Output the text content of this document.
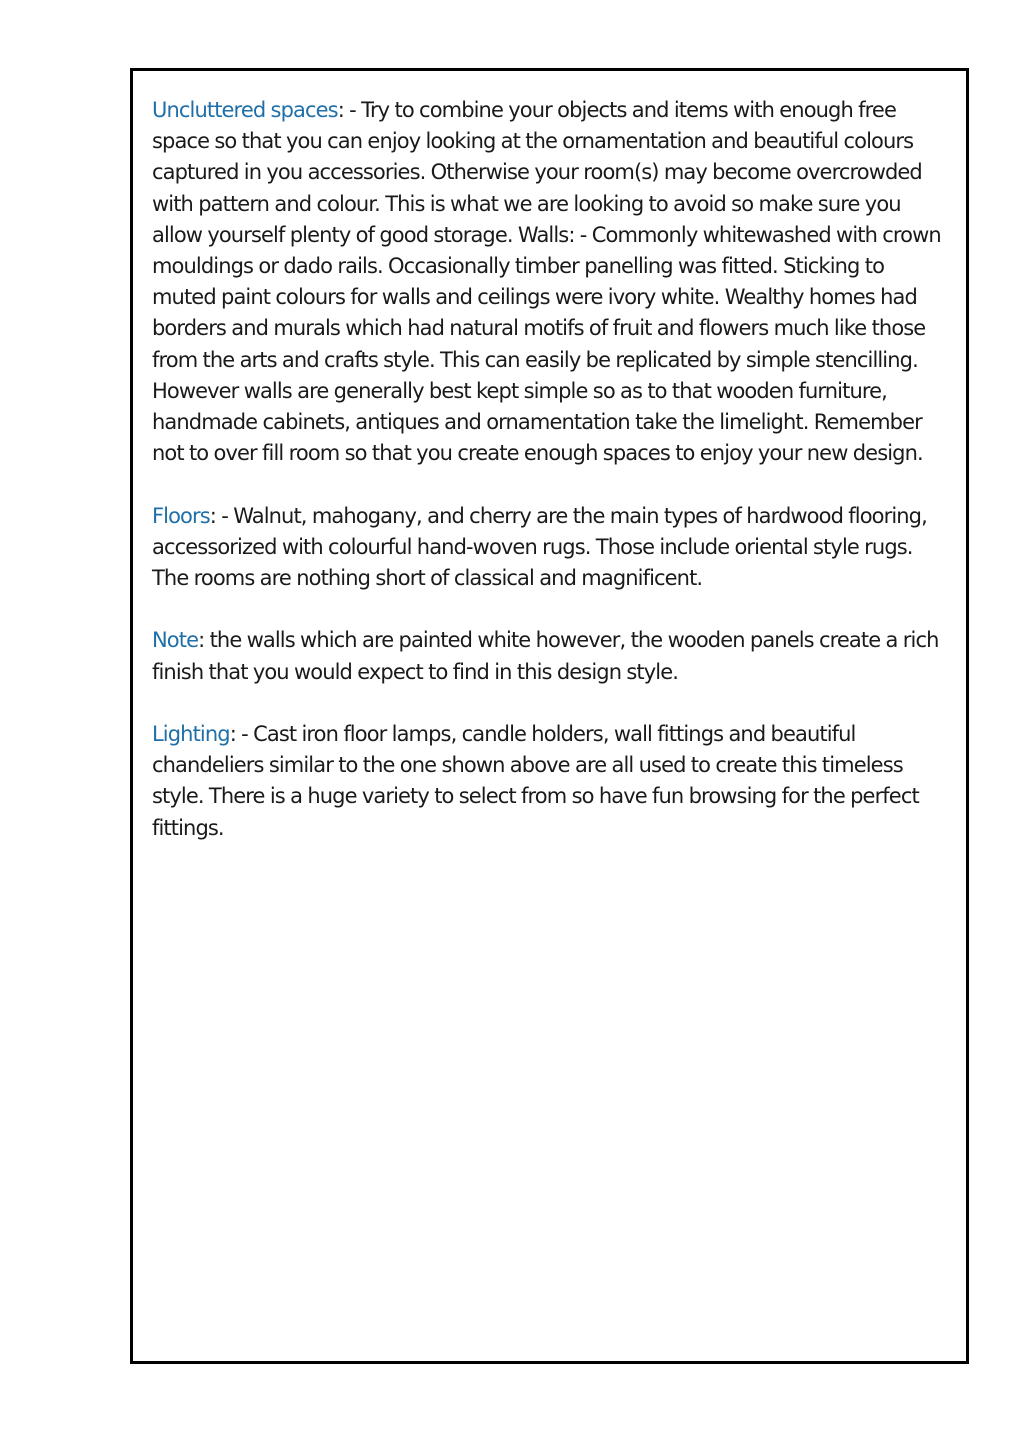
Uncluttered spaces: - Try to combine your objects and items with enough free space so that you can enjoy looking at the ornamentation and beautiful colours captured in you accessories. Otherwise your room(s) may become overcrowded with pattern and colour. This is what we are looking to avoid so make sure you allow yourself plenty of good storage. Walls: - Commonly whitewashed with crown mouldings or dado rails. Occasionally timber panelling was fitted. Sticking to muted paint colours for walls and ceilings were ivory white. Wealthy homes had borders and murals which had natural motifs of fruit and flowers much like those from the arts and crafts style. This can easily be replicated by simple stencilling. However walls are generally best kept simple so as to that wooden furniture, handmade cabinets, antiques and ornamentation take the limelight. Remember not to over fill room so that you create enough spaces to enjoy your new design.

Floors: - Walnut, mahogany, and cherry are the main types of hardwood flooring, accessorized with colourful hand-woven rugs. Those include oriental style rugs. The rooms are nothing short of classical and magnificent.

Note: the walls which are painted white however, the wooden panels create a rich finish that you would expect to find in this design style.

Lighting: - Cast iron floor lamps, candle holders, wall fittings and beautiful chandeliers similar to the one shown above are all used to create this timeless style. There is a huge variety to select from so have fun browsing for the perfect fittings.
